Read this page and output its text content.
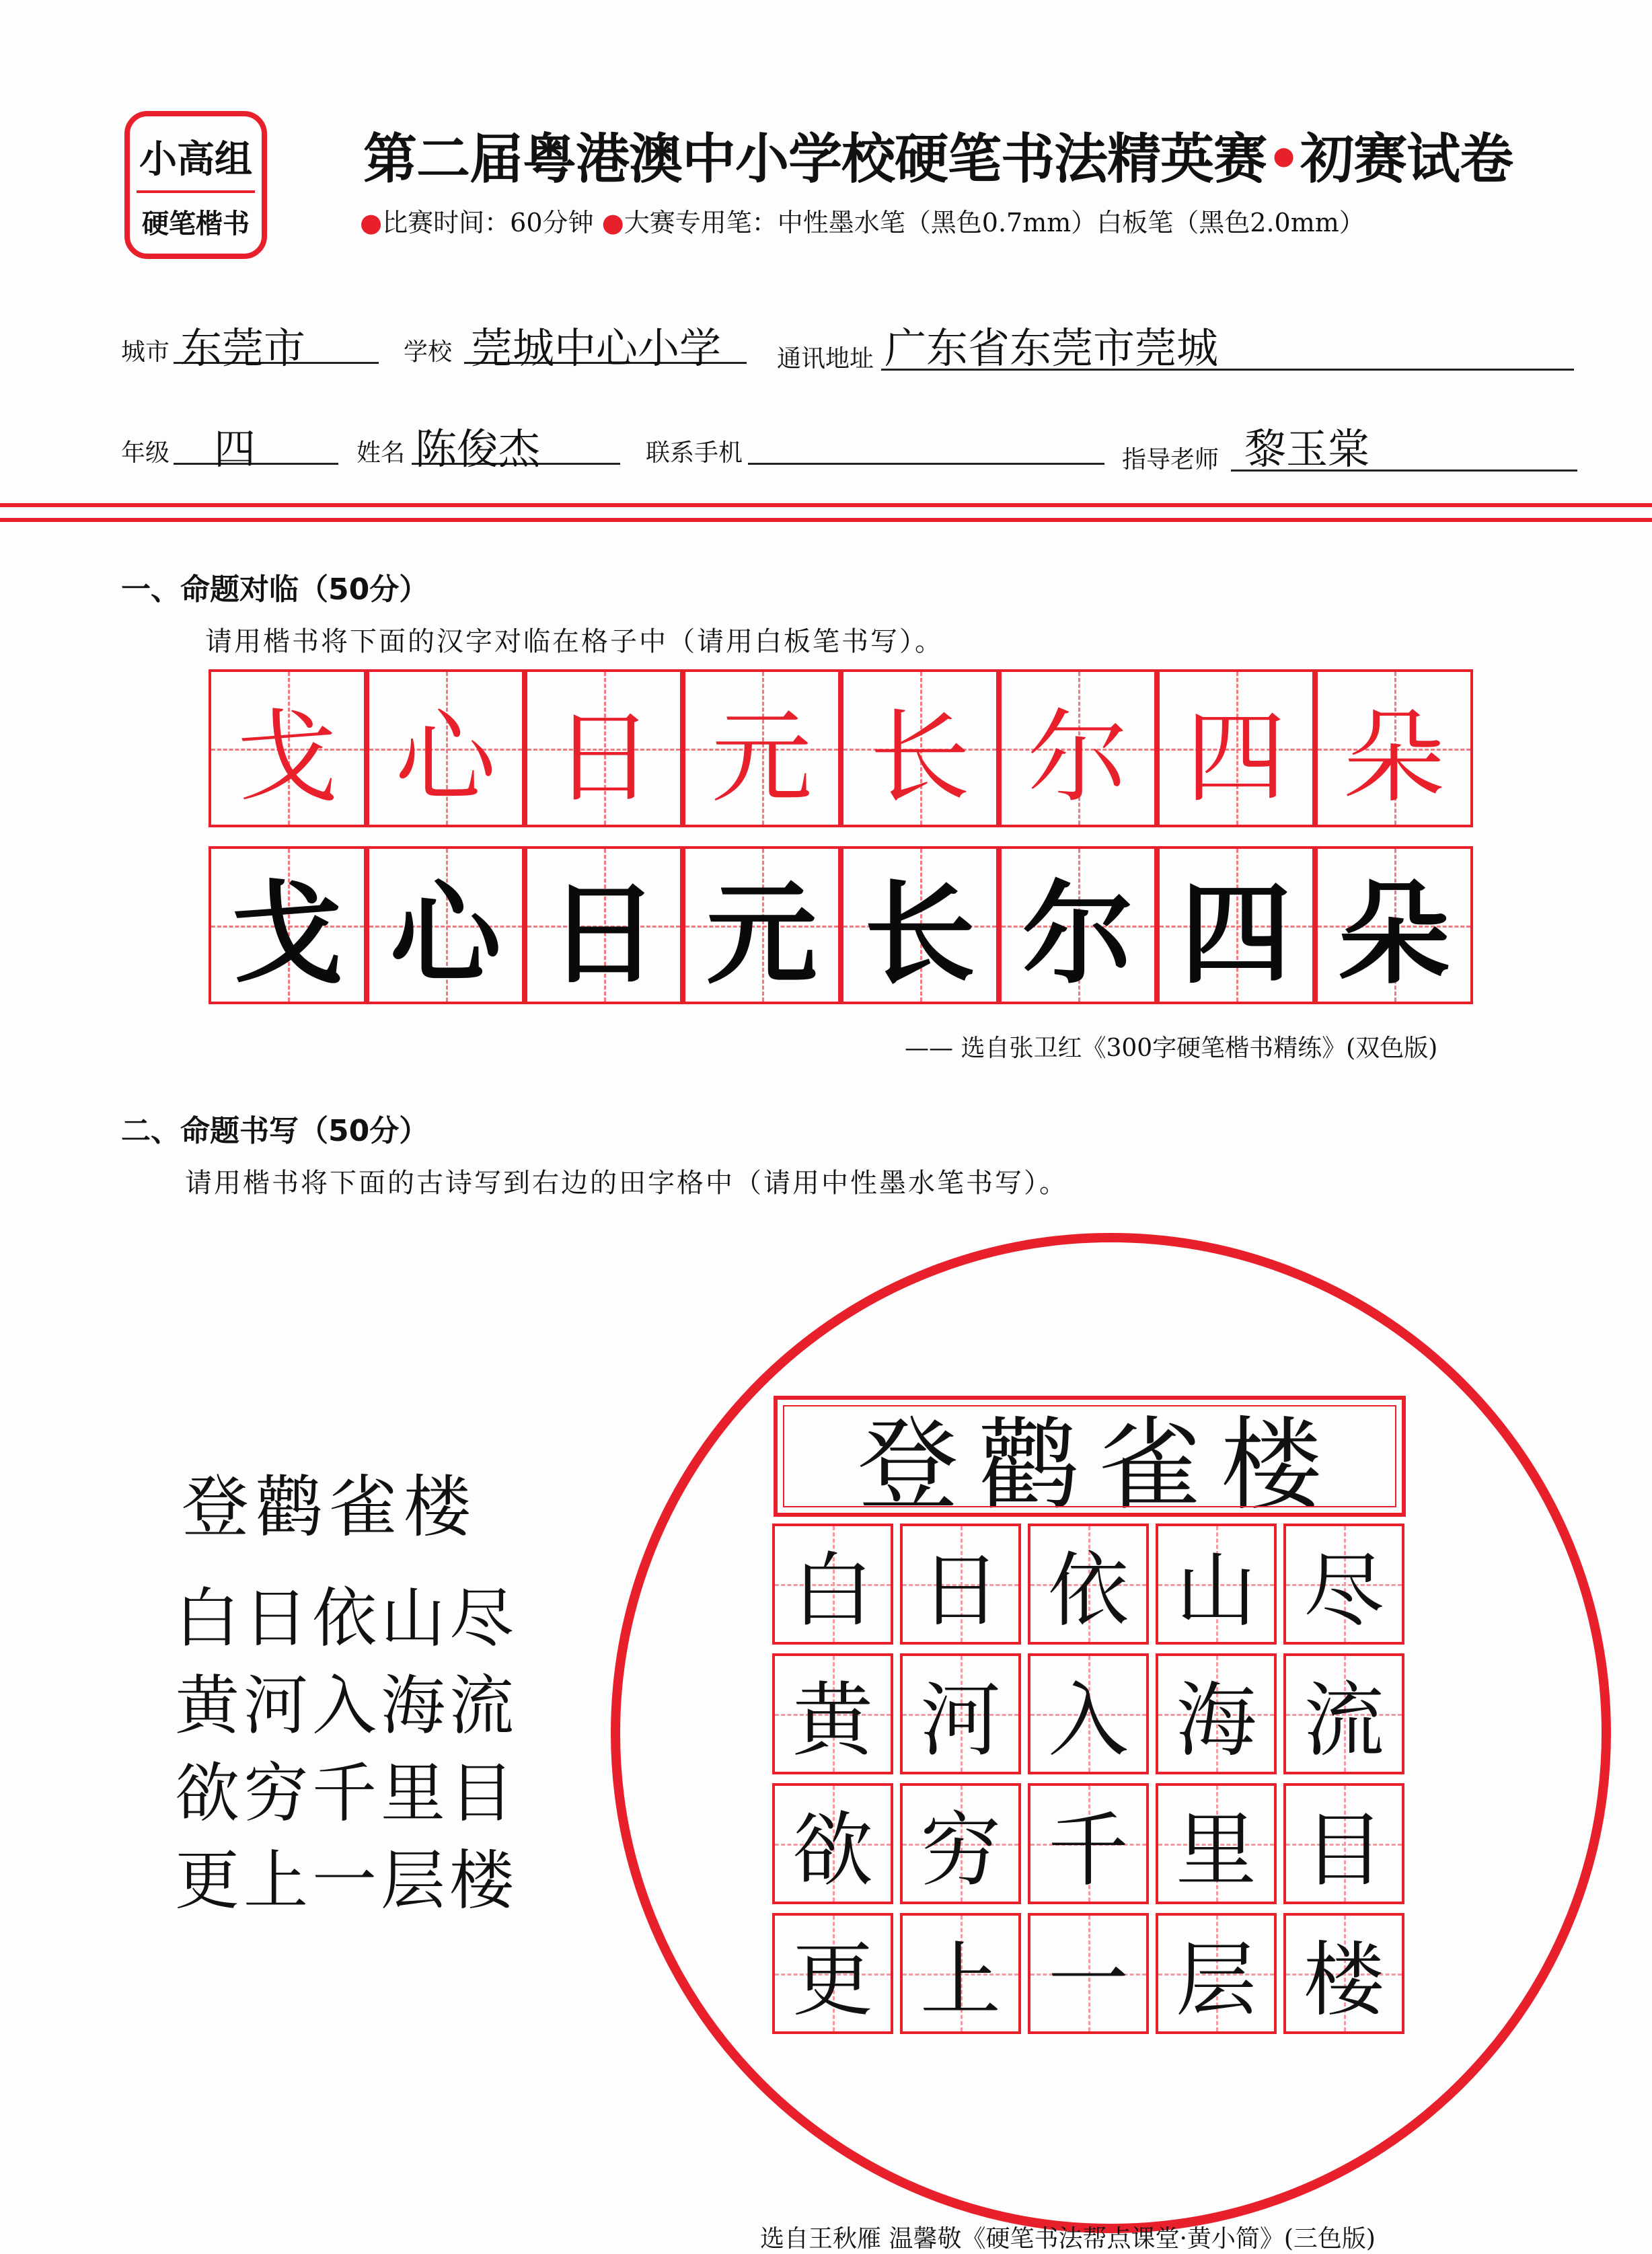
小高组
硬笔楷书
第二届粤港澳中小学校硬笔书法精英赛•初赛试卷
●比赛时间：60分钟 ●大赛专用笔：中性墨水笔（黑色0.7mm）白板笔（黑色2.0mm）
城市 东莞市	学校 莞城中心小学 通讯地址 广东省东莞市莞城
年级 四	姓名 陈俊杰	联系手机	指导老师 黎玉棠
一、命题对临（50分）
请用楷书将下面的汉字对临在格子中（请用白板笔书写）。
戈 心 日 元 长 尔 四 朵
戈 心 日 元 长 尔 四 朵
—— 选自张卫红《300字硬笔楷书精练》(双色版)
二、命题书写（50分）
请用楷书将下面的古诗写到右边的田字格中（请用中性墨水笔书写）。
登鹳雀楼
白日依山尽
黄河入海流
欲穷千里目
更上一层楼
登鹳雀楼
白 日 依 山 尽
黄 河 入 海 流
欲 穷 千 里 目
更 上 一 层 楼
选自王秋雁 温馨敬《硬笔书法帮点课堂·黄小简》(三色版)
